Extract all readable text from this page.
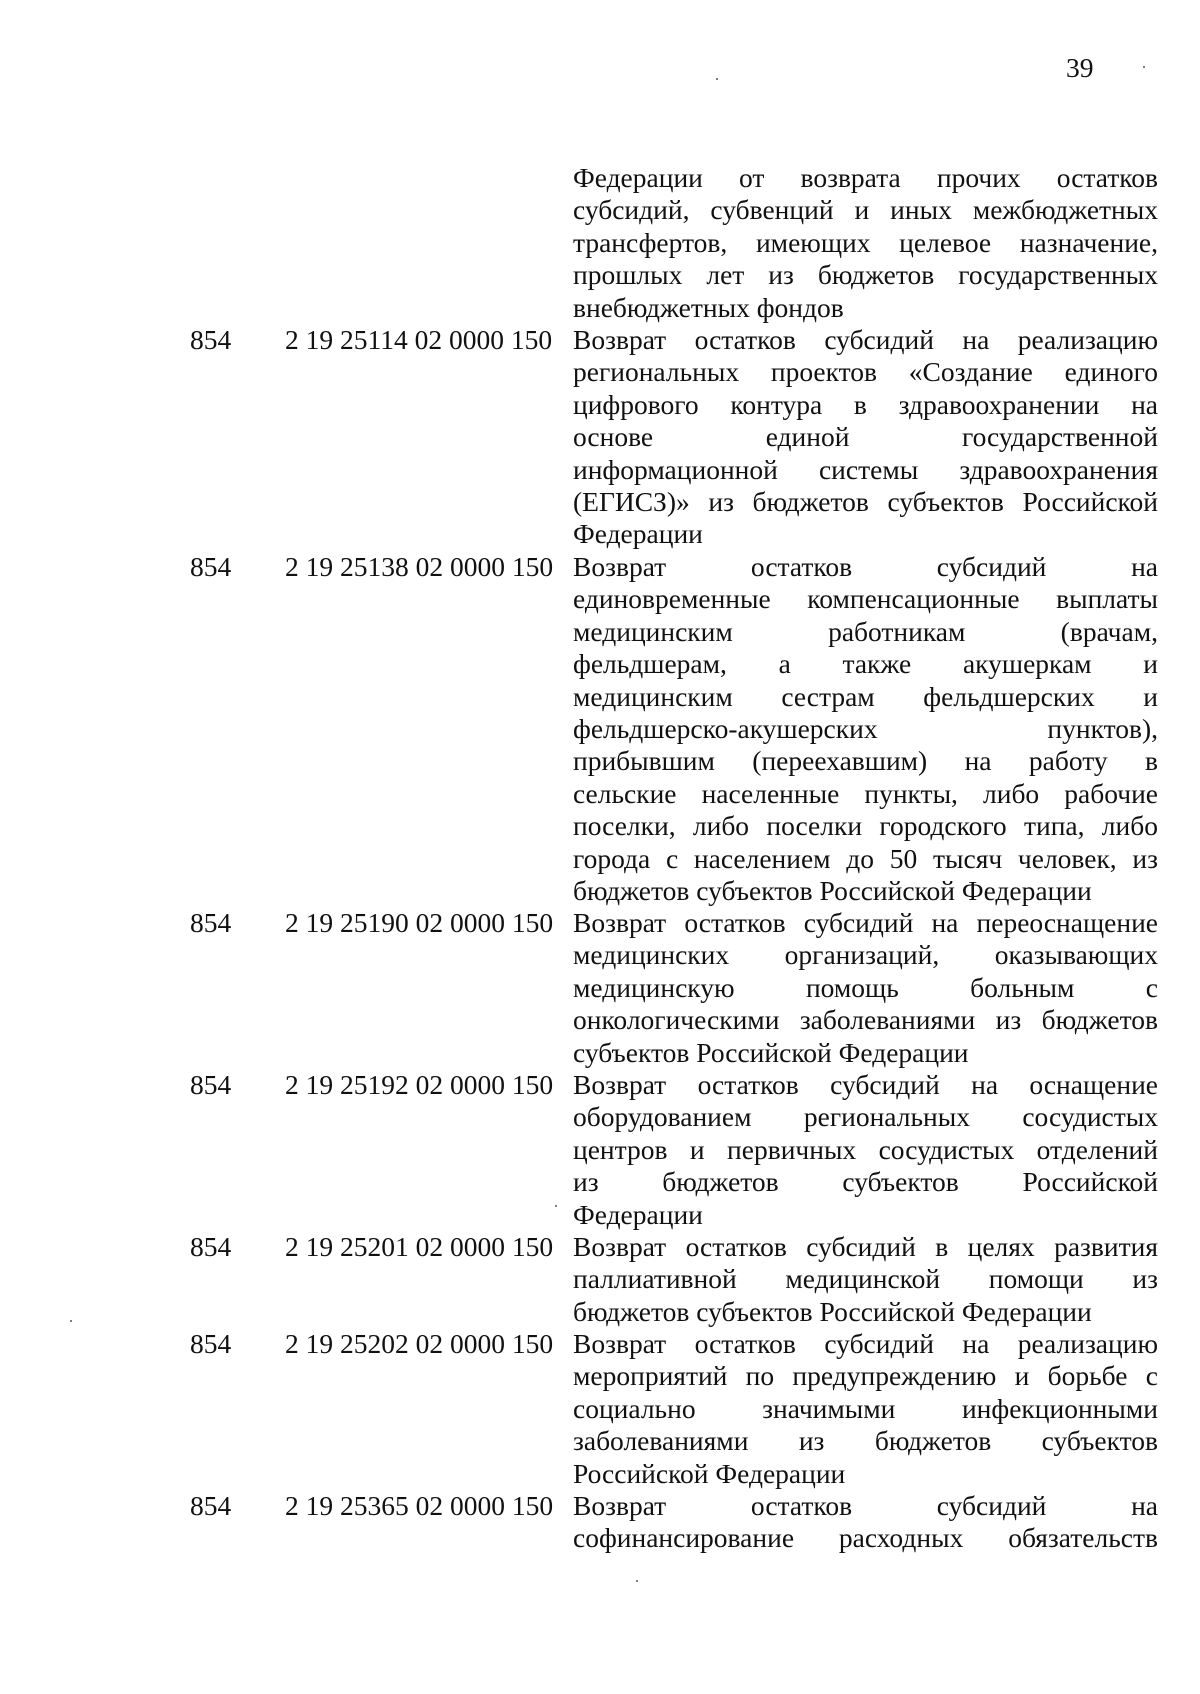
39
Федерации от возврата прочих остатков
субсидий, субвенций и иных межбюджетных
трансфертов, имеющих целевое назначение,
прошлых лет из бюджетов государственных
внебюджетных фондов
854 2 19 25114 02 0000 150 Возврат остатков субсидий на реализацию
региональных проектов «Создание единого
цифрового контура в здравоохранении на
основе единой государственной
информационной системы здравоохранения
(ЕГИСЗ)» из бюджетов субъектов Российской
Федерации
854 2 19 25138 02 0000 150 Возврат остатков субсидий на
единовременные компенсационные выплаты
медицинским работникам (врачам,
фельдшерам, а также акушеркам и
медицинским сестрам фельдшерских и
фельдшерско-акушерских пунктов),
прибывшим (переехавшим) на работу в
сельские населенные пункты, либо рабочие
поселки, либо поселки городского типа, либо
города с населением до 50 тысяч человек, из
бюджетов субъектов Российской Федерации
854 2 19 25190 02 0000 150 Возврат остатков субсидий на переоснащение
медицинских организаций, оказывающих
медицинскую помощь больным с
онкологическими заболеваниями из бюджетов
субъектов Российской Федерации
854 2 19 25192 02 0000 150 Возврат остатков субсидий на оснащение
оборудованием региональных сосудистых
центров и первичных сосудистых отделений
из бюджетов субъектов Российской
Федерации
854 2 19 25201 02 0000 150 Возврат остатков субсидий в целях развития
паллиативной медицинской помощи из
бюджетов субъектов Российской Федерации
854 2 19 25202 02 0000 150 Возврат остатков субсидий на реализацию
мероприятий по предупреждению и борьбе с
социально значимыми инфекционными
заболеваниями из бюджетов субъектов
Российской Федерации
854 2 19 25365 02 0000 150 Возврат остатков субсидий на
софинансирование расходных обязательств
